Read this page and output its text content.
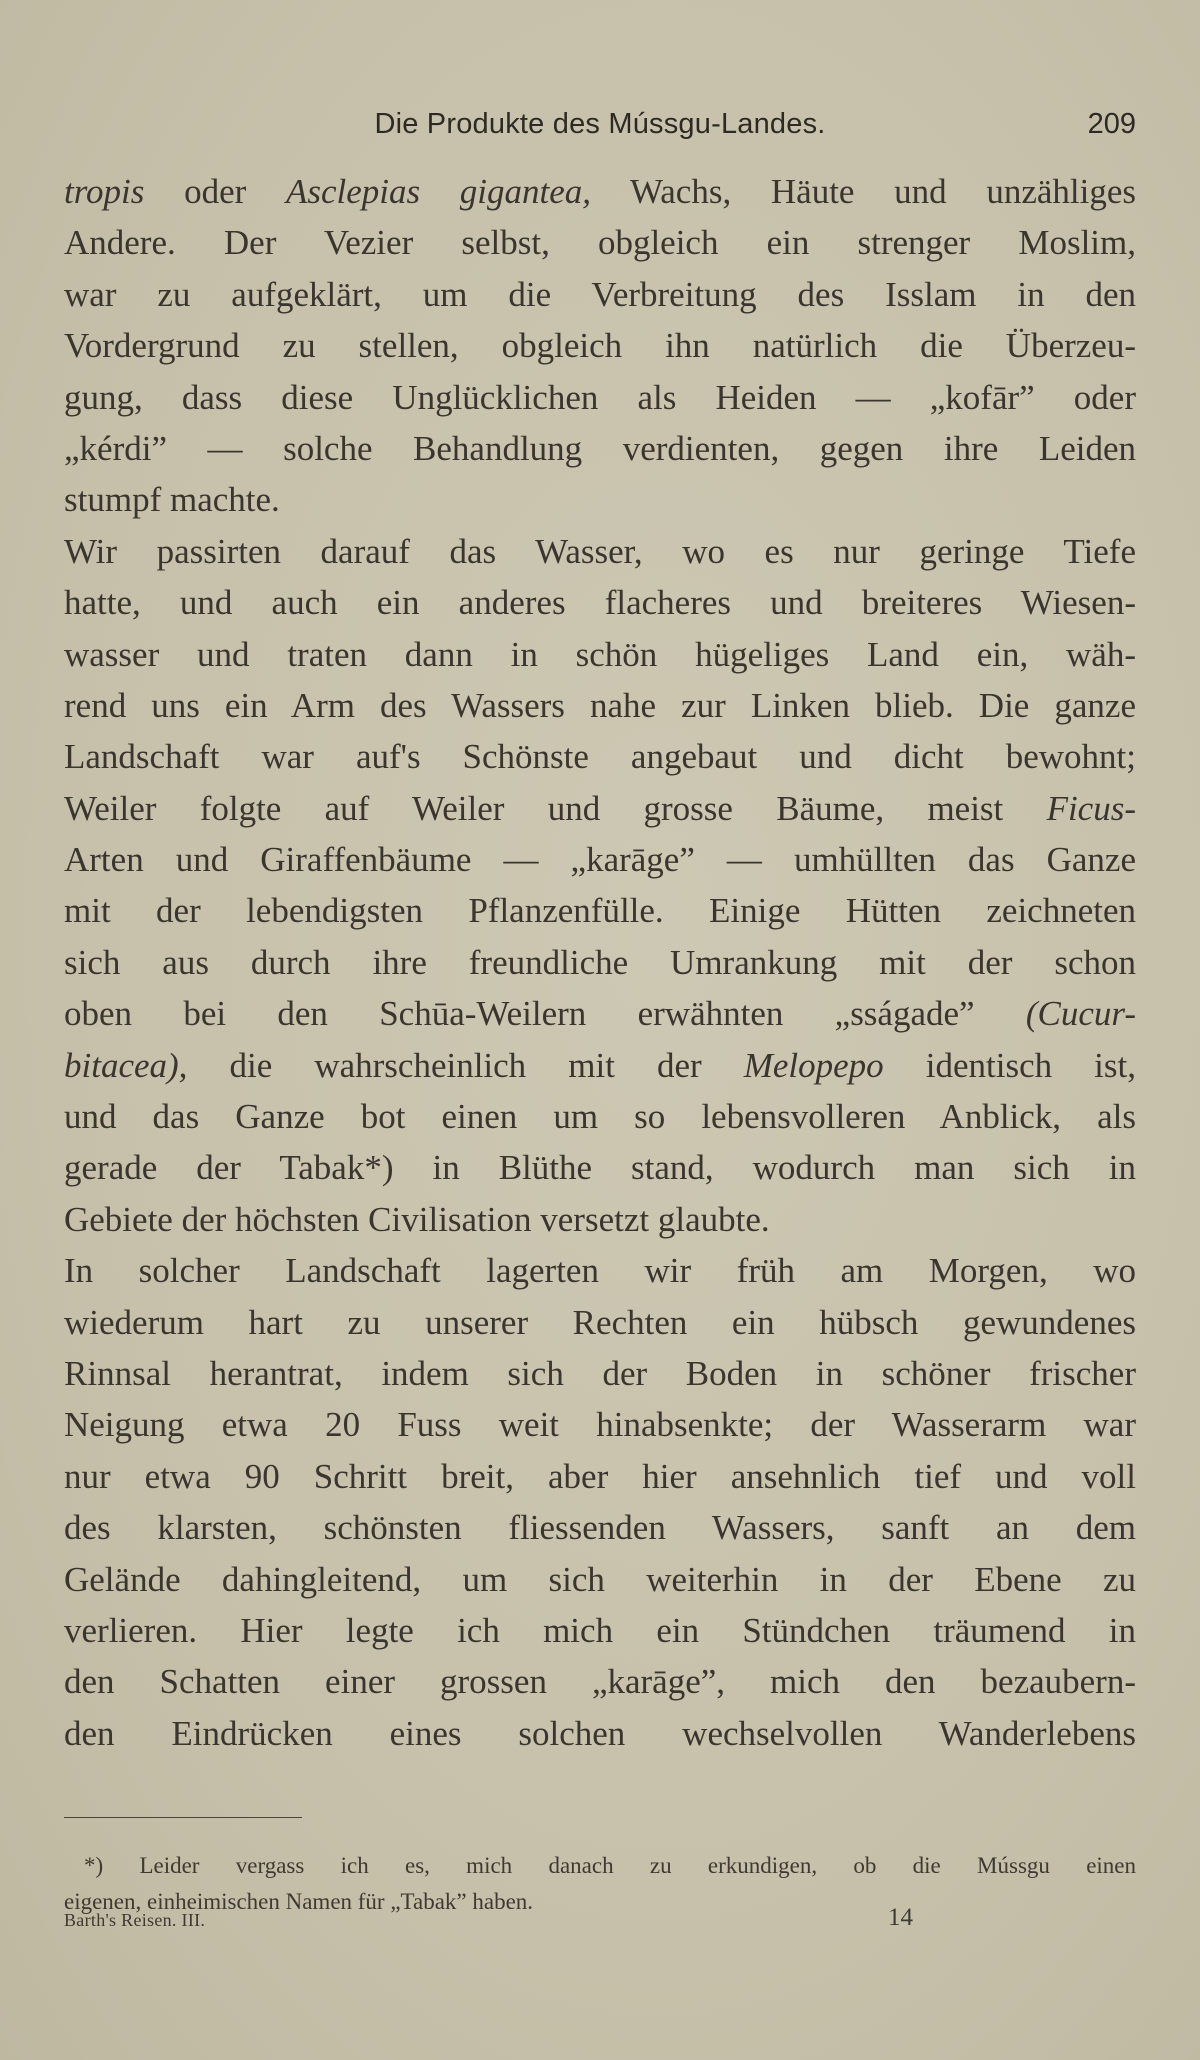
Die Produkte des Mússgu-Landes.	209
tropis oder Asclepias gigantea, Wachs, Häute und unzähliges
Andere. Der Vezier selbst, obgleich ein strenger Moslim,
war zu aufgeklärt, um die Verbreitung des Isslam in den
Vordergrund zu stellen, obgleich ihn natürlich die Überzeu-
gung, dass diese Unglücklichen als Heiden — „kofār” oder
„kérdi” — solche Behandlung verdienten, gegen ihre Leiden
stumpf machte.
Wir passirten darauf das Wasser, wo es nur geringe Tiefe
hatte, und auch ein anderes flacheres und breiteres Wiesen-
wasser und traten dann in schön hügeliges Land ein, wäh-
rend uns ein Arm des Wassers nahe zur Linken blieb. Die ganze
Landschaft war auf's Schönste angebaut und dicht bewohnt;
Weiler folgte auf Weiler und grosse Bäume, meist Ficus-
Arten und Giraffenbäume — „karāge” — umhüllten das Ganze
mit der lebendigsten Pflanzenfülle. Einige Hütten zeichneten
sich aus durch ihre freundliche Umrankung mit der schon
oben bei den Schūa-Weilern erwähnten „sságade” (Cucur-
bitacea), die wahrscheinlich mit der Melopepo identisch ist,
und das Ganze bot einen um so lebensvolleren Anblick, als
gerade der Tabak*) in Blüthe stand, wodurch man sich in
Gebiete der höchsten Civilisation versetzt glaubte.
In solcher Landschaft lagerten wir früh am Morgen, wo
wiederum hart zu unserer Rechten ein hübsch gewundenes
Rinnsal herantrat, indem sich der Boden in schöner frischer
Neigung etwa 20 Fuss weit hinabsenkte; der Wasserarm war
nur etwa 90 Schritt breit, aber hier ansehnlich tief und voll
des klarsten, schönsten fliessenden Wassers, sanft an dem
Gelände dahingleitend, um sich weiterhin in der Ebene zu
verlieren. Hier legte ich mich ein Stündchen träumend in
den Schatten einer grossen „karāge”, mich den bezaubern-
den Eindrücken eines solchen wechselvollen Wanderlebens
*) Leider vergass ich es, mich danach zu erkundigen, ob die Mússgu einen
eigenen, einheimischen Namen für „Tabak” haben.
Barth's Reisen. III.	14
